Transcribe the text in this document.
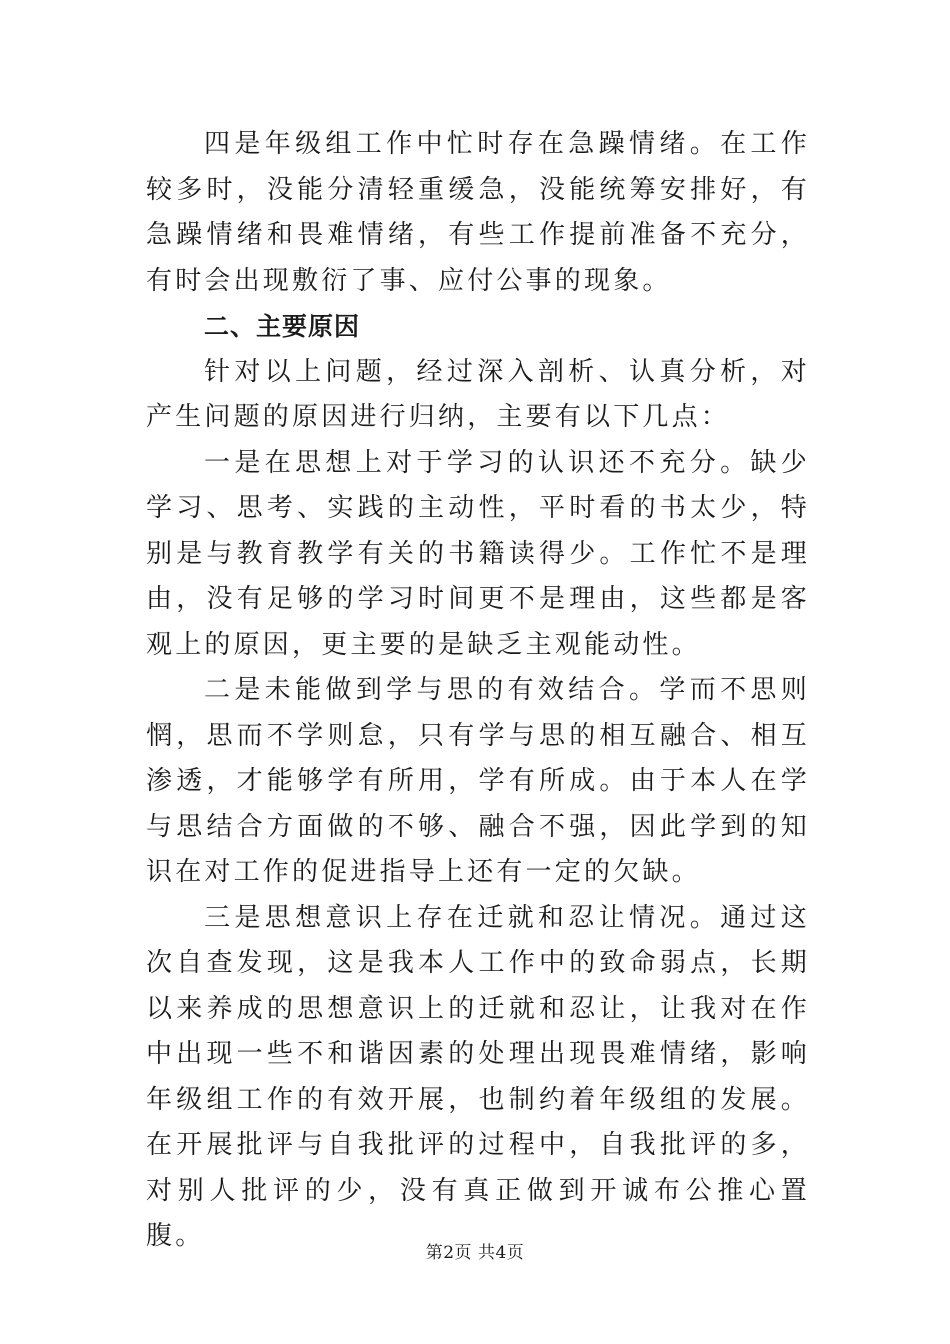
四是年级组工作中忙时存在急躁情绪。在工作较多时，没能分清轻重缓急，没能统筹安排好，有急躁情绪和畏难情绪，有些工作提前准备不充分，有时会出现敷衍了事、应付公事的现象。

二、主要原因

针对以上问题，经过深入剖析、认真分析，对产生问题的原因进行归纳，主要有以下几点：

一是在思想上对于学习的认识还不充分。缺少学习、思考、实践的主动性，平时看的书太少，特别是与教育教学有关的书籍读得少。工作忙不是理由，没有足够的学习时间更不是理由，这些都是客观上的原因，更主要的是缺乏主观能动性。

二是未能做到学与思的有效结合。学而不思则惘，思而不学则怠，只有学与思的相互融合、相互渗透，才能够学有所用，学有所成。由于本人在学与思结合方面做的不够、融合不强，因此学到的知识在对工作的促进指导上还有一定的欠缺。

三是思想意识上存在迁就和忍让情况。通过这次自查发现，这是我本人工作中的致命弱点，长期以来养成的思想意识上的迁就和忍让，让我对在作中出现一些不和谐因素的处理出现畏难情绪，影响年级组工作的有效开展，也制约着年级组的发展。在开展批评与自我批评的过程中，自我批评的多，对别人批评的少，没有真正做到开诚布公推心置腹。

第2页 共4页
